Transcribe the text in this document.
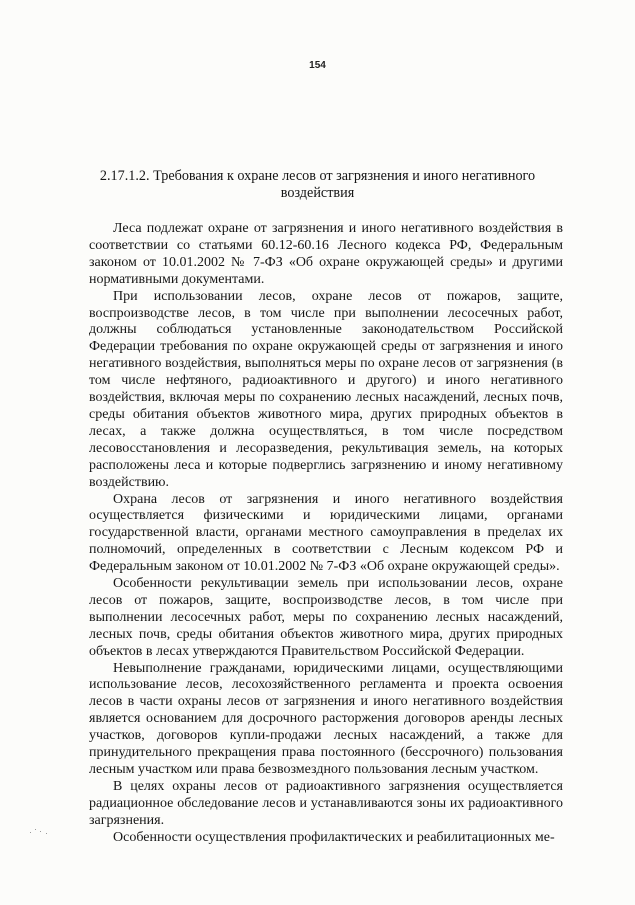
154
2.17.1.2. Требования к охране лесов от загрязнения и иного негативного воздействия

Леса подлежат охране от загрязнения и иного негативного воздействия в соответствии со статьями 60.12-60.16 Лесного кодекса РФ, Федеральным законом от 10.01.2002 № 7-ФЗ «Об охране окружающей среды» и другими нормативными документами.

При использовании лесов, охране лесов от пожаров, защите, воспроизводстве лесов, в том числе при выполнении лесосечных работ, должны соблюдаться установленные законодательством Российской Федерации требования по охране окружающей среды от загрязнения и иного негативного воздействия, выполняться меры по охране лесов от загрязнения (в том числе нефтяного, радиоактивного и другого) и иного негативного воздействия, включая меры по сохранению лесных насаждений, лесных почв, среды обитания объектов животного мира, других природных объектов в лесах, а также должна осуществляться, в том числе посредством лесовосстановления и лесоразведения, рекультивация земель, на которых расположены леса и которые подверглись загрязнению и иному негативному воздействию.

Охрана лесов от загрязнения и иного негативного воздействия осуществляется физическими и юридическими лицами, органами государственной власти, органами местного самоуправления в пределах их полномочий, определенных в соответствии с Лесным кодексом РФ и Федеральным законом от 10.01.2002 № 7-ФЗ «Об охране окружающей среды».

Особенности рекультивации земель при использовании лесов, охране лесов от пожаров, защите, воспроизводстве лесов, в том числе при выполнении лесосечных работ, меры по сохранению лесных насаждений, лесных почв, среды обитания объектов животного мира, других природных объектов в лесах утверждаются Правительством Российской Федерации.

Невыполнение гражданами, юридическими лицами, осуществляющими использование лесов, лесохозяйственного регламента и проекта освоения лесов в части охраны лесов от загрязнения и иного негативного воздействия является основанием для досрочного расторжения договоров аренды лесных участков, договоров купли-продажи лесных насаждений, а также для принудительного прекращения права постоянного (бессрочного) пользования лесным участком или права безвозмездного пользования лесным участком.

В целях охраны лесов от радиоактивного загрязнения осуществляется радиационное обследование лесов и устанавливаются зоны их радиоактивного загрязнения.

Особенности осуществления профилактических и реабилитационных ме-
